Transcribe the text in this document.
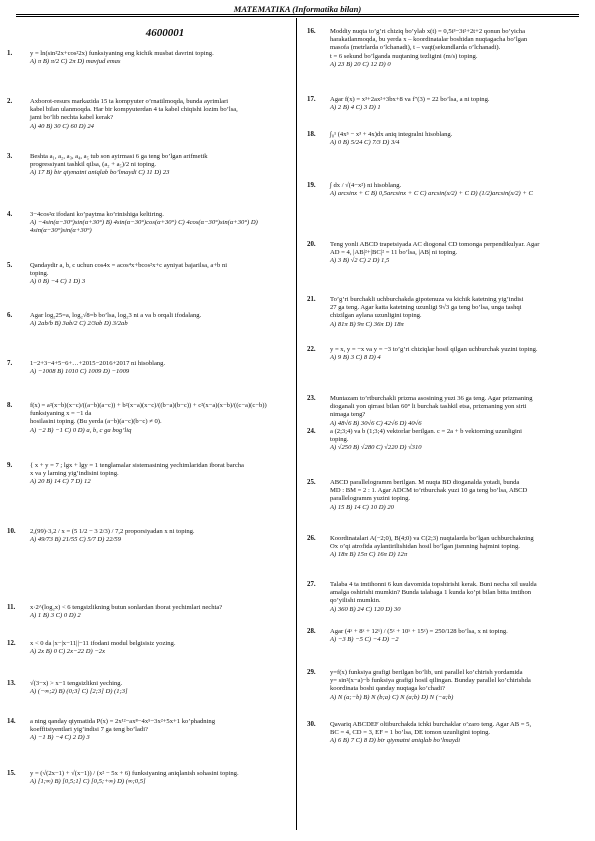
MATEMATIKA (Informatika bilan)
4600001
1.	y = ln(sin²2x+cos²2x) funksiyaning eng kichik musbat davrini toping.

A) π B) π/2 C) 2π D) mavjud emas

2.	Axborot-resurs markazida 15 ta kompyuter o’rnatilmoqda, bunda ayrimlari

kabel bilan ulanmoqda. Har bir kompyuterdan 4 ta kabel chiqishi lozim bo’lsa,

jami bo’lib nechta kabel kerak?

A) 40 B) 30 C) 60 D) 24

3.	Beshta a₁, a₂, a₃, a₄, a₅ tub son ayirmasi 6 ga teng bo’lgan arifmetik

progressiyani tashkil qilsa, (a₂ + a₅)/2 ni toping.

A) 17 B) bir qiymatni aniqlab bo’lmaydi C) 11 D) 23

4.	3−4cos²α ifodani ko’paytma ko’rinishiga keltiring.

A) −4sin(α−30°)sin(α+30°) B) 4sin(α−30°)cos(α+30°) C) 4cos(α−30°)sin(α+30°) D) 4sin(α−30°)sin(α+30°)

5.	Qandaydir a, b, c uchun cos4x = acos⁴x+bcos²x+c ayniyat bajarilsa, a+b ni

toping.

A) 0 B) −4 C) 1 D) 3

6.	Agar log₂25=a, log₂√8=b bo’lsa, log₂3 ni a va b orqali ifodalang.

A) 2ab/b B) 3ab/2 C) 2/3ab D) 3/2ab

7.	1−2+3−4+5−6+…+2015−2016+2017 ni hisoblang.

A) −1008 B) 1010 C) 1009 D) −1009

8.	f(x) = a²(x−b)(x−c)/((a−b)(a−c)) + b²(x−a)(x−c)/((b−a)(b−c)) + c²(x−a)(x−b)/((c−a)(c−b)) funksiyaning x = −1 da

hosilasini toping. (Bu yerda (a−b)(a−c)(b−c) ≠ 0).

A) −2 B) −1 C) 0 D) a, b, c ga bog’liq

9.	{ x + y = 7 ; lgx + lgy = 1 tenglamalar sistemasining yechimlaridan iborat barcha

x va y larning yig’indisini toping.

A) 20 B) 14 C) 7 D) 12

10. 2,(99)·3,2 / x = (5 1/2 − 3 2/3) / 7,2 proporsiyadan x ni toping.

A) 49/73 B) 21/55 C) 5/7 D) 22/59

11. x·2^(log₂x) < 6 tengsizlikning butun sonlardan iborat yechimlari nechta?

A) 1 B) 3 C) 0 D) 2

12. x < 0 da |x−|x−11||−11 ifodani modul belgisisiz yozing.

A) 2x B) 0 C) 2x−22 D) −2x

13. √(3−x) > x−1 tengsizlikni yeching.

A) (−∞;2) B) (0;3] C) [2;3] D) (1;3]

14. a ning qanday qiymatida P(x) = 2x¹²−ax⁸−4x⁵−3x²+5x+1 ko’phadning

koeffitsiyentlari yig’indisi 7 ga teng bo’ladi?

A) −1 B) −4 C) 2 D) 3

15. y = (√(2x−1) + √(x−1)) / (x² − 5x + 6) funksiyaning aniqlanish sohasini toping.

A) [1;∞) B) [0,5;1] C) [0,5;+∞) D) (∞;0,5]

16. Moddiy nuqta to’g’ri chiziq bo’ylab x(t) = 0,5t³−3t²+2t+2 qonun bo’yicha

harakatlanmoqda, bu yerda x – koordinatalar boshidan nuqtagacha bo’lgan

masofa (metrlarda o’lchanadi), t – vaqt(sekundlarda o’lchanadi).

t = 6 sekund bo’lganda nuqtaning tezligini (m/s) toping.

A) 23 B) 20 C) 12 D) 0

17. Agar f(x) = x³+2ax²+3bx+8 va f″(3) = 22 bo’lsa, a ni toping.

A) 2 B) 4 C) 3 D) 1

18. ∫₀¹ (4x⁵ − x³ + 4x)dx aniq integralni hisoblang.

A) 0 B) 5/24 C) 7/3 D) 3/4

19. ∫ dx / √(4−x²) ni hisoblang.

A) arcsinx + C B) 0,5arcsinx + C C) arcsin(x/2) + C D) (1/2)arcsin(x/2) + C

20. Teng yonli ABCD trapetsiyada AC diogonal CD tomonga perpendikulyar. Agar

AD = 4, |AB|²+|BC|² = 11 bo’lsa, |AB| ni toping.

A) 3 B) √2 C) 2 D) 1,5

21. To’g’ri burchakli uchburchakda gipotenuza va kichik katetning yig’indisi

27 ga teng. Agar katta katetning uzunligi 9√3 ga teng bo’lsa, unga tashqi

chizilgan aylana uzunligini toping.

A) 81π B) 9π C) 36π D) 18π

22. y = x, y = −x va y = −3 to’g’ri chiziqlar hosil qilgan uchburchak yuzini toping.

A) 9 B) 3 C) 8 D) 4

23. Muntazam to’rtburchakli prizma asosining yuzi 36 ga teng. Agar prizmaning

dioganali yon qirrasi bilan 60° li burchak tashkil etsa, prizmaning yon sirti

nimaga teng?

A) 48√6 B) 30√6 C) 42√6 D) 40√6

24. a (2;3;4) va b (1;3;4) vektorlar berilgan. c = 2a + b vektorning uzunligini

toping.

A) √250 B) √280 C) √220 D) √310

25. ABCD parallelogramm berilgan. M nuqta BD dioganalda yotadi, bunda

MD : BM = 2 : 1. Agar ADCM to’rtburchak yuzi 10 ga teng bo’lsa, ABCD

parallelogramm yuzini toping.

A) 15 B) 14 C) 10 D) 20

26. Koordinatalari A(−2;0), B(4;0) va C(2;3) nuqtalarda bo’lgan uchburchakning

Ox o’qi atrofida aylantirilishidan hosil bo’lgan jismning hajmini toping.

A) 18π B) 15π C) 16π D) 12π

27. Talaba 4 ta imtihonni 6 kun davomida topshirishi kerak. Buni necha xil usulda

amalga oshirishi mumkin? Bunda talabaga 1 kunda ko’pi bilan bitta imtihon

qo’yilishi mumkin.

A) 360 B) 24 C) 120 D) 30

28. Agar (4ˣ + 8ˣ + 12ˣ) / (5ˣ + 10ˣ + 15ˣ) = 250/128 bo’lsa, x ni toping.

A) −3 B) −5 C) −4 D) −2

29. y=f(x) funksiya grafigi berilgan bo’lib, uni parallel ko’chirish yordamida

y= sin²(x−a)−b funksiya grafigi hosil qilingan. Bunday parallel ko’chirishda

koordinata boshi qanday nuqtaga ko’chadi?

A) N (a;−b) B) N (b;a) C) N (a;b) D) N (−a;b)

30. Qavariq ABCDEF oltiburchakda ichki burchaklar o’zaro teng. Agar AB = 5,

BC = 4, CD = 3, EF = 1 bo’lsa, DE tomon uzunligini toping.

A) 6 B) 7 C) 8 D) bir qiymatni aniqlab bo’lmaydi
